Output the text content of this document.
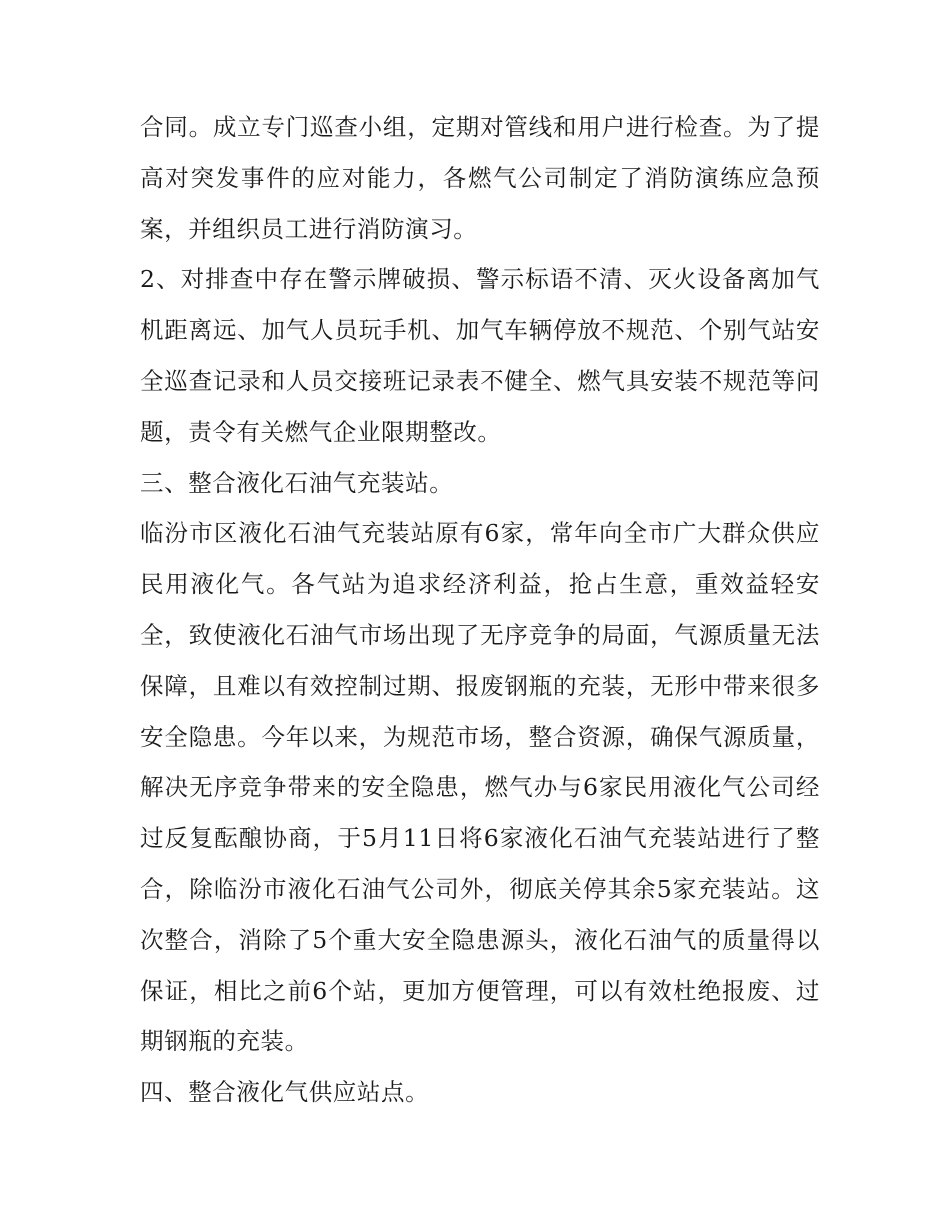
合同。成立专门巡查小组，定期对管线和用户进行检查。为了提高对突发事件的应对能力，各燃气公司制定了消防演练应急预案，并组织员工进行消防演习。

2、对排查中存在警示牌破损、警示标语不清、灭火设备离加气机距离远、加气人员玩手机、加气车辆停放不规范、个别气站安全巡查记录和人员交接班记录表不健全、燃气具安装不规范等问题，责令有关燃气企业限期整改。

三、整合液化石油气充装站。

临汾市区液化石油气充装站原有6家，常年向全市广大群众供应民用液化气。各气站为追求经济利益，抢占生意，重效益轻安全，致使液化石油气市场出现了无序竞争的局面，气源质量无法保障，且难以有效控制过期、报废钢瓶的充装，无形中带来很多安全隐患。今年以来，为规范市场，整合资源，确保气源质量，解决无序竞争带来的安全隐患，燃气办与6家民用液化气公司经过反复酝酿协商，于5月11日将6家液化石油气充装站进行了整合，除临汾市液化石油气公司外，彻底关停其余5家充装站。这次整合，消除了5个重大安全隐患源头，液化石油气的质量得以保证，相比之前6个站，更加方便管理，可以有效杜绝报废、过期钢瓶的充装。

四、整合液化气供应站点。
